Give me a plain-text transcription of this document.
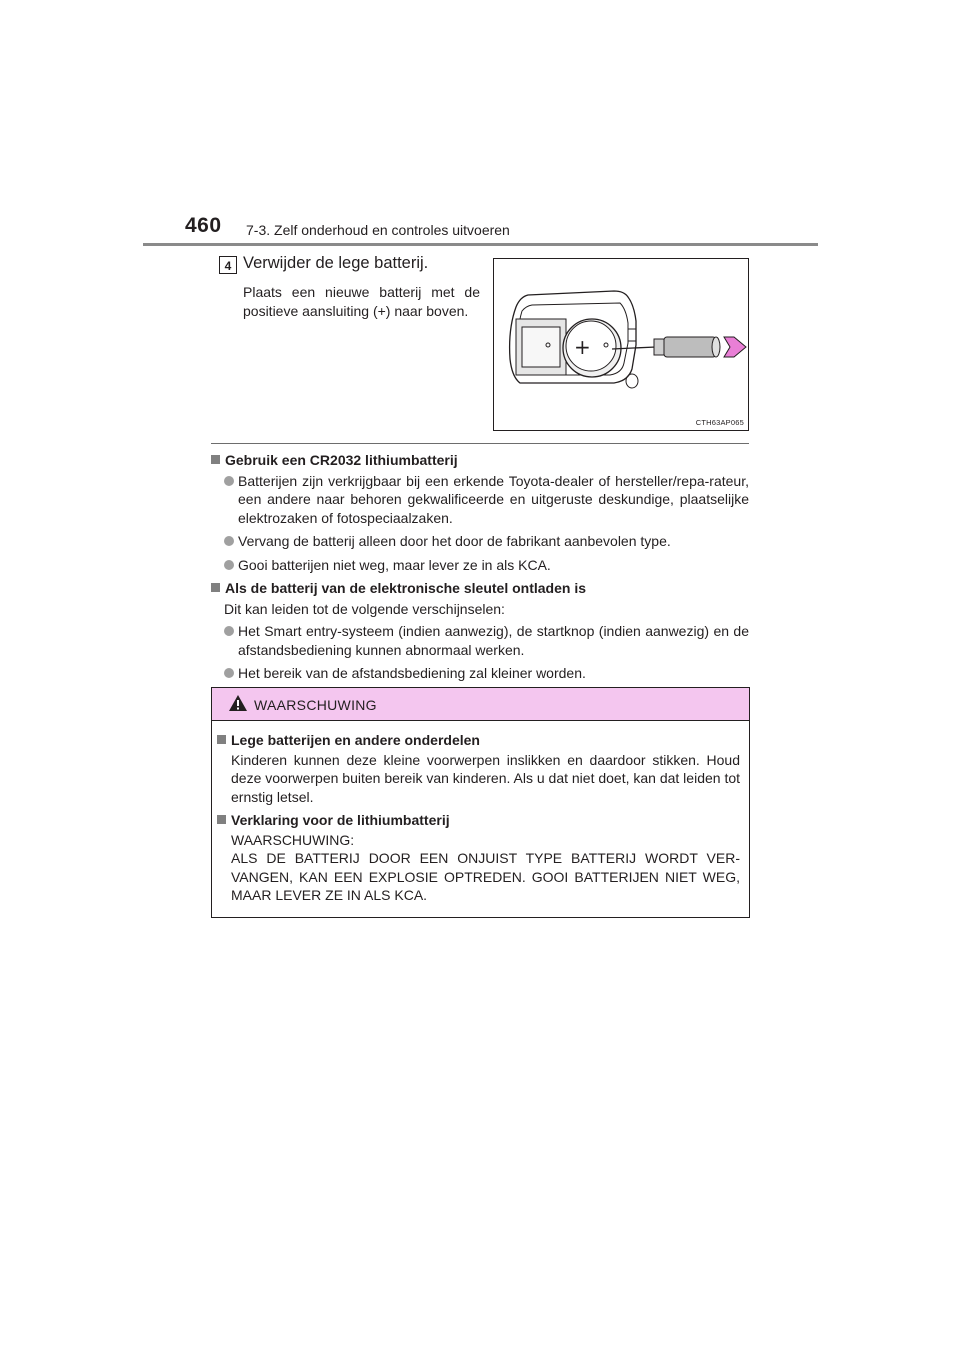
460 7-3. Zelf onderhoud en controles uitvoeren
4 Verwijder de lege batterij.
Plaats een nieuwe batterij met de positieve aansluiting (+) naar boven.
+
CTH63AP065
Gebruik een CR2032 lithiumbatterij
Batterijen zijn verkrijgbaar bij een erkende Toyota-dealer of hersteller/repa-rateur, een andere naar behoren gekwalificeerde en uitgeruste deskundige, plaatselijke elektrozaken of fotospeciaalzaken.
Vervang de batterij alleen door het door de fabrikant aanbevolen type.
Gooi batterijen niet weg, maar lever ze in als KCA.
Als de batterij van de elektronische sleutel ontladen is
Dit kan leiden tot de volgende verschijnselen:
Het Smart entry-systeem (indien aanwezig), de startknop (indien aanwezig) en de afstandsbediening kunnen abnormaal werken.
Het bereik van de afstandsbediening zal kleiner worden.
WAARSCHUWING
Lege batterijen en andere onderdelen
Kinderen kunnen deze kleine voorwerpen inslikken en daardoor stikken. Houd deze voorwerpen buiten bereik van kinderen. Als u dat niet doet, kan dat leiden tot ernstig letsel.
Verklaring voor de lithiumbatterij
WAARSCHUWING:
ALS DE BATTERIJ DOOR EEN ONJUIST TYPE BATTERIJ WORDT VER-VANGEN, KAN EEN EXPLOSIE OPTREDEN. GOOI BATTERIJEN NIET WEG, MAAR LEVER ZE IN ALS KCA.
